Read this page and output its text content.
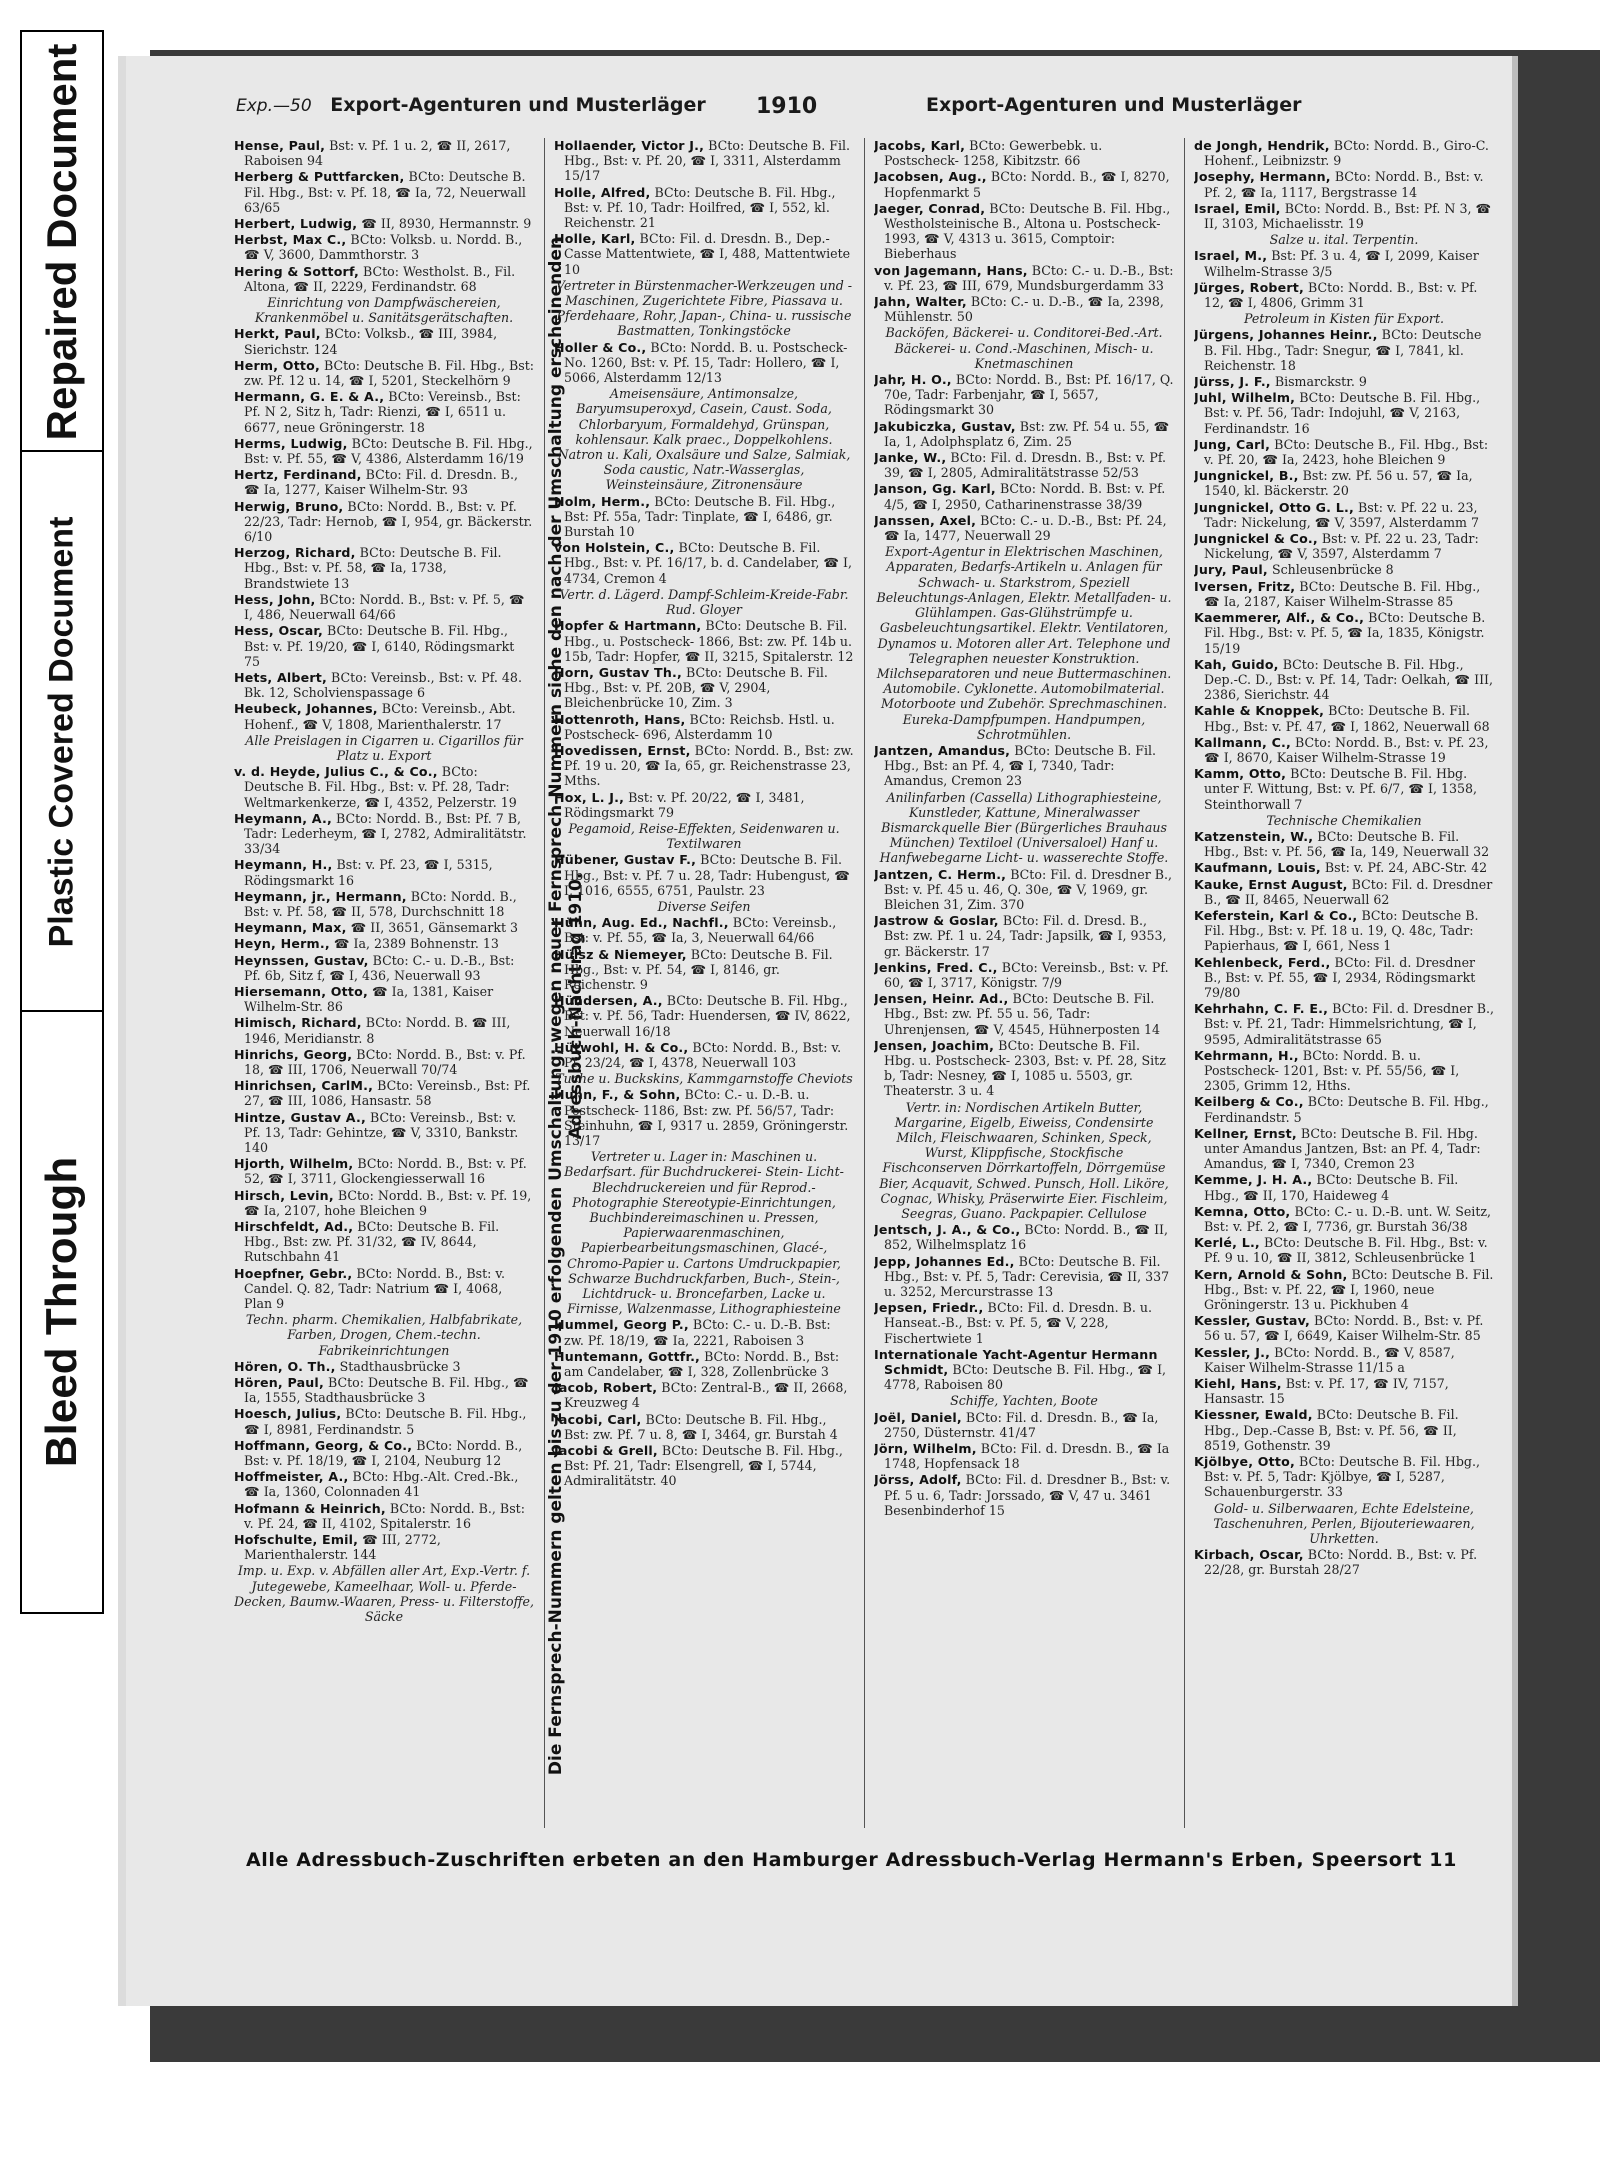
Die Fernsprech-Nummern gelten bis zu der 1910 erfolgenden Umschaltung; wegen neuer Fernsprech-Nummern siehe den nach der Umschaltung erscheinenden Adressbuch-Nachtrag 1910.
Exp.—50 Export-Agenturen und Musterläger 1910	Export-Agenturen und Musterläger
Hense, Paul, Bst: v. Pf. 1 u. 2, ☎ II, 2617, Raboisen 94
Herberg & Puttfarcken, BCto: Deutsche B. Fil. Hbg., Bst: v. Pf. 18, ☎ Ia, 72, Neuerwall 63/65
Herbert, Ludwig, ☎ II, 8930, Hermannstr. 9
Herbst, Max C., BCto: Volksb. u. Nordd. B., ☎ V, 3600, Dammthorstr. 3
Hering & Sottorf, BCto: Westholst. B., Fil. Altona, ☎ II, 2229, Ferdinandstr. 68
Einrichtung von Dampfwäschereien, Krankenmöbel u. Sanitätsgerätschaften.
Herkt, Paul, BCto: Volksb., ☎ III, 3984, Sierichstr. 124
Herm, Otto, BCto: Deutsche B. Fil. Hbg., Bst: zw. Pf. 12 u. 14, ☎ I, 5201, Steckelhörn 9
Hermann, G. E. & A., BCto: Vereinsb., Bst: Pf. N 2, Sitz h, Tadr: Rienzi, ☎ I, 6511 u. 6677, neue Gröningerstr. 18
Herms, Ludwig, BCto: Deutsche B. Fil. Hbg., Bst: v. Pf. 55, ☎ V, 4386, Alsterdamm 16/19
Hertz, Ferdinand, BCto: Fil. d. Dresdn. B., ☎ Ia, 1277, Kaiser Wilhelm-Str. 93
Herwig, Bruno, BCto: Nordd. B., Bst: v. Pf. 22/23, Tadr: Hernob, ☎ I, 954, gr. Bäckerstr. 6/10
Herzog, Richard, BCto: Deutsche B. Fil. Hbg., Bst: v. Pf. 58, ☎ Ia, 1738, Brandstwiete 13
Hess, John, BCto: Nordd. B., Bst: v. Pf. 5, ☎ I, 486, Neuerwall 64/66
Hess, Oscar, BCto: Deutsche B. Fil. Hbg., Bst: v. Pf. 19/20, ☎ I, 6140, Rödingsmarkt 75
Hets, Albert, BCto: Vereinsb., Bst: v. Pf. 48. Bk. 12, Scholvienspassage 6
Heubeck, Johannes, BCto: Vereinsb., Abt. Hohenf., ☎ V, 1808, Marienthalerstr. 17
Alle Preislagen in Cigarren u. Cigarillos für Platz u. Export
v. d. Heyde, Julius C., & Co., BCto: Deutsche B. Fil. Hbg., Bst: v. Pf. 28, Tadr: Weltmarkenkerze, ☎ I, 4352, Pelzerstr. 19
Heymann, A., BCto: Nordd. B., Bst: Pf. 7 B, Tadr: Lederheym, ☎ I, 2782, Admiralitätstr. 33/34
Heymann, H., Bst: v. Pf. 23, ☎ I, 5315, Rödingsmarkt 16
Heymann, jr., Hermann, BCto: Nordd. B., Bst: v. Pf. 58, ☎ II, 578, Durchschnitt 18
Heymann, Max, ☎ II, 3651, Gänsemarkt 3
Heyn, Herm., ☎ Ia, 2389 Bohnenstr. 13
Heynssen, Gustav, BCto: C.- u. D.-B., Bst: Pf. 6b, Sitz f, ☎ I, 436, Neuerwall 93
Hiersemann, Otto, ☎ Ia, 1381, Kaiser Wilhelm-Str. 86
Himisch, Richard, BCto: Nordd. B. ☎ III, 1946, Meridianstr. 8
Hinrichs, Georg, BCto: Nordd. B., Bst: v. Pf. 18, ☎ III, 1706, Neuerwall 70/74
Hinrichsen, CarlM., BCto: Vereinsb., Bst: Pf. 27, ☎ III, 1086, Hansastr. 58
Hintze, Gustav A., BCto: Vereinsb., Bst: v. Pf. 13, Tadr: Gehintze, ☎ V, 3310, Bankstr. 140
Hjorth, Wilhelm, BCto: Nordd. B., Bst: v. Pf. 52, ☎ I, 3711, Glockengiesserwall 16
Hirsch, Levin, BCto: Nordd. B., Bst: v. Pf. 19, ☎ Ia, 2107, hohe Bleichen 9
Hirschfeldt, Ad., BCto: Deutsche B. Fil. Hbg., Bst: zw. Pf. 31/32, ☎ IV, 8644, Rutschbahn 41
Hoepfner, Gebr., BCto: Nordd. B., Bst: v. Candel. Q. 82, Tadr: Natrium ☎ I, 4068, Plan 9
Techn. pharm. Chemikalien, Halbfabrikate, Farben, Drogen, Chem.-techn. Fabrikeinrichtungen
Hören, O. Th., Stadthausbrücke 3
Hören, Paul, BCto: Deutsche B. Fil. Hbg., ☎ Ia, 1555, Stadthausbrücke 3
Hoesch, Julius, BCto: Deutsche B. Fil. Hbg., ☎ I, 8981, Ferdinandstr. 5
Hoffmann, Georg, & Co., BCto: Nordd. B., Bst: v. Pf. 18/19, ☎ I, 2104, Neuburg 12
Hoffmeister, A., BCto: Hbg.-Alt. Cred.-Bk., ☎ Ia, 1360, Colonnaden 41
Hofmann & Heinrich, BCto: Nordd. B., Bst: v. Pf. 24, ☎ II, 4102, Spitalerstr. 16
Hofschulte, Emil, ☎ III, 2772, Marienthalerstr. 144
Imp. u. Exp. v. Abfällen aller Art, Exp.-Vertr. f. Jutegewebe, Kameelhaar, Woll- u. Pferde-Decken, Baumw.-Waaren, Press- u. Filterstoffe, Säcke
Hollaender, Victor J., BCto: Deutsche B. Fil. Hbg., Bst: v. Pf. 20, ☎ I, 3311, Alsterdamm 15/17
Holle, Alfred, BCto: Deutsche B. Fil. Hbg., Bst: v. Pf. 10, Tadr: Hoilfred, ☎ I, 552, kl. Reichenstr. 21
Holle, Karl, BCto: Fil. d. Dresdn. B., Dep.-Casse Mattentwiete, ☎ I, 488, Mattentwiete 10
Vertreter in Bürstenmacher-Werkzeugen und -Maschinen, Zugerichtete Fibre, Piassava u. Pferdehaare, Rohr, Japan-, China- u. russische Bastmatten, Tonkingstöcke
Holler & Co., BCto: Nordd. B. u. Postscheck- No. 1260, Bst: v. Pf. 15, Tadr: Hollero, ☎ I, 5066, Alsterdamm 12/13
Ameisensäure, Antimonsalze, Baryumsuperoxyd, Casein, Caust. Soda, Chlorbaryum, Formaldehyd, Grünspan, kohlensaur. Kalk praec., Doppelkohlens. Natron u. Kali, Oxalsäure und Salze, Salmiak, Soda caustic, Natr.-Wasserglas, Weinsteinsäure, Zitronensäure
Holm, Herm., BCto: Deutsche B. Fil. Hbg., Bst: Pf. 55a, Tadr: Tinplate, ☎ I, 6486, gr. Burstah 10
von Holstein, C., BCto: Deutsche B. Fil. Hbg., Bst: v. Pf. 16/17, b. d. Candelaber, ☎ I, 4734, Cremon 4
Vertr. d. Lägerd. Dampf-Schleim-Kreide-Fabr. Rud. Gloyer
Hopfer & Hartmann, BCto: Deutsche B. Fil. Hbg., u. Postscheck- 1866, Bst: zw. Pf. 14b u. 15b, Tadr: Hopfer, ☎ II, 3215, Spitalerstr. 12
Horn, Gustav Th., BCto: Deutsche B. Fil. Hbg., Bst: v. Pf. 20B, ☎ V, 2904, Bleichenbrücke 10, Zim. 3
Hottenroth, Hans, BCto: Reichsb. Hstl. u. Postscheck- 696, Alsterdamm 10
Hovedissen, Ernst, BCto: Nordd. B., Bst: zw. Pf. 19 u. 20, ☎ Ia, 65, gr. Reichenstrasse 23, Mths.
Hox, L. J., Bst: v. Pf. 20/22, ☎ I, 3481, Rödingsmarkt 79
Pegamoid, Reise-Effekten, Seidenwaren u. Textilwaren
Hübener, Gustav F., BCto: Deutsche B. Fil. Hbg., Bst: v. Pf. 7 u. 28, Tadr: Hubengust, ☎ I, 1016, 6555, 6751, Paulstr. 23
Diverse Seifen
Hühn, Aug. Ed., Nachfl., BCto: Vereinsb., Bst: v. Pf. 55, ☎ Ia, 3, Neuerwall 64/66
Hülsz & Niemeyer, BCto: Deutsche B. Fil. Hbg., Bst: v. Pf. 54, ☎ I, 8146, gr. Reichenstr. 9
Hündersen, A., BCto: Deutsche B. Fil. Hbg., Bst: v. Pf. 56, Tadr: Huendersen, ☎ IV, 8622, Neuerwall 16/18
Hütwohl, H. & Co., BCto: Nordd. B., Bst: v. Pf. 23/24, ☎ I, 4378, Neuerwall 103
Tuche u. Buckskins, Kammgarnstoffe Cheviots
Huhn, F., & Sohn, BCto: C.- u. D.-B. u. Postscheck- 1186, Bst: zw. Pf. 56/57, Tadr: Steinhuhn, ☎ I, 9317 u. 2859, Gröningerstr. 13/17
Vertreter u. Lager in: Maschinen u. Bedarfsart. für Buchdruckerei- Stein- Licht- Blechdruckereien und für Reprod.-Photographie Stereotypie-Einrichtungen, Buchbindereimaschinen u. Pressen, Papierwaarenmaschinen, Papierbearbeitungsmaschinen, Glacé-, Chromo-Papier u. Cartons Umdruckpapier, Schwarze Buchdruckfarben, Buch-, Stein-, Lichtdruck- u. Broncefarben, Lacke u. Firnisse, Walzenmasse, Lithographiesteine
Hummel, Georg P., BCto: C.- u. D.-B. Bst: zw. Pf. 18/19, ☎ Ia, 2221, Raboisen 3
Huntemann, Gottfr., BCto: Nordd. B., Bst: am Candelaber, ☎ I, 328, Zollenbrücke 3
Jacob, Robert, BCto: Zentral-B., ☎ II, 2668, Kreuzweg 4
Jacobi, Carl, BCto: Deutsche B. Fil. Hbg., Bst: zw. Pf. 7 u. 8, ☎ I, 3464, gr. Burstah 4
Jacobi & Grell, BCto: Deutsche B. Fil. Hbg., Bst: Pf. 21, Tadr: Elsengrell, ☎ I, 5744, Admiralitätstr. 40
Jacobs, Karl, BCto: Gewerbebk. u. Postscheck- 1258, Kibitzstr. 66
Jacobsen, Aug., BCto: Nordd. B., ☎ I, 8270, Hopfenmarkt 5
Jaeger, Conrad, BCto: Deutsche B. Fil. Hbg., Westholsteinische B., Altona u. Postscheck- 1993, ☎ V, 4313 u. 3615, Comptoir: Bieberhaus
von Jagemann, Hans, BCto: C.- u. D.-B., Bst: v. Pf. 23, ☎ III, 679, Mundsburgerdamm 33
Jahn, Walter, BCto: C.- u. D.-B., ☎ Ia, 2398, Mühlenstr. 50
Backöfen, Bäckerei- u. Conditorei-Bed.-Art. Bäckerei- u. Cond.-Maschinen, Misch- u. Knetmaschinen
Jahr, H. O., BCto: Nordd. B., Bst: Pf. 16/17, Q. 70e, Tadr: Farbenjahr, ☎ I, 5657, Rödingsmarkt 30
Jakubiczka, Gustav, Bst: zw. Pf. 54 u. 55, ☎ Ia, 1, Adolphsplatz 6, Zim. 25
Janke, W., BCto: Fil. d. Dresdn. B., Bst: v. Pf. 39, ☎ I, 2805, Admiralitätstrasse 52/53
Janson, Gg. Karl, BCto: Nordd. B. Bst: v. Pf. 4/5, ☎ I, 2950, Catharinenstrasse 38/39
Janssen, Axel, BCto: C.- u. D.-B., Bst: Pf. 24, ☎ Ia, 1477, Neuerwall 29
Export-Agentur in Elektrischen Maschinen, Apparaten, Bedarfs-Artikeln u. Anlagen für Schwach- u. Starkstrom, Speziell Beleuchtungs-Anlagen, Elektr. Metallfaden- u. Glühlampen. Gas-Glühstrümpfe u. Gasbeleuchtungsartikel. Elektr. Ventilatoren, Dynamos u. Motoren aller Art. Telephone und Telegraphen neuester Konstruktion. Milchseparatoren und neue Buttermaschinen. Automobile. Cyklonette. Automobilmaterial. Motorboote und Zubehör. Sprechmaschinen. Eureka-Dampfpumpen. Handpumpen, Schrotmühlen.
Jantzen, Amandus, BCto: Deutsche B. Fil. Hbg., Bst: an Pf. 4, ☎ I, 7340, Tadr: Amandus, Cremon 23
Anilinfarben (Cassella) Lithographiesteine, Kunstleder, Kattune, Mineralwasser Bismarckquelle Bier (Bürgerliches Brauhaus München) Textiloel (Universaloel) Hanf u. Hanfwebegarne Licht- u. wasserechte Stoffe.
Jantzen, C. Herm., BCto: Fil. d. Dresdner B., Bst: v. Pf. 45 u. 46, Q. 30e, ☎ V, 1969, gr. Bleichen 31, Zim. 370
Jastrow & Goslar, BCto: Fil. d. Dresd. B., Bst: zw. Pf. 1 u. 24, Tadr: Japsilk, ☎ I, 9353, gr. Bäckerstr. 17
Jenkins, Fred. C., BCto: Vereinsb., Bst: v. Pf. 60, ☎ I, 3717, Königstr. 7/9
Jensen, Heinr. Ad., BCto: Deutsche B. Fil. Hbg., Bst: zw. Pf. 55 u. 56, Tadr: Uhrenjensen, ☎ V, 4545, Hühnerposten 14
Jensen, Joachim, BCto: Deutsche B. Fil. Hbg. u. Postscheck- 2303, Bst: v. Pf. 28, Sitz b, Tadr: Nesney, ☎ I, 1085 u. 5503, gr. Theaterstr. 3 u. 4
Vertr. in: Nordischen Artikeln Butter, Margarine, Eigelb, Eiweiss, Condensirte Milch, Fleischwaaren, Schinken, Speck, Wurst, Klippfische, Stockfische Fischconserven Dörrkartoffeln, Dörrgemüse Bier, Acquavit, Schwed. Punsch, Holl. Liköre, Cognac, Whisky, Präserwirte Eier. Fischleim, Seegras, Guano. Packpapier. Cellulose
Jentsch, J. A., & Co., BCto: Nordd. B., ☎ II, 852, Wilhelmsplatz 16
Jepp, Johannes Ed., BCto: Deutsche B. Fil. Hbg., Bst: v. Pf. 5, Tadr: Cerevisia, ☎ II, 337 u. 3252, Mercurstrasse 13
Jepsen, Friedr., BCto: Fil. d. Dresdn. B. u. Hanseat.-B., Bst: v. Pf. 5, ☎ V, 228, Fischertwiete 1
Internationale Yacht-Agentur Hermann Schmidt, BCto: Deutsche B. Fil. Hbg., ☎ I, 4778, Raboisen 80
Schiffe, Yachten, Boote
Joël, Daniel, BCto: Fil. d. Dresdn. B., ☎ Ia, 2750, Düsternstr. 41/47
Jörn, Wilhelm, BCto: Fil. d. Dresdn. B., ☎ Ia 1748, Hopfensack 18
Jörss, Adolf, BCto: Fil. d. Dresdner B., Bst: v. Pf. 5 u. 6, Tadr: Jorssado, ☎ V, 47 u. 3461 Besenbinderhof 15
de Jongh, Hendrik, BCto: Nordd. B., Giro-C. Hohenf., Leibnizstr. 9
Josephy, Hermann, BCto: Nordd. B., Bst: v. Pf. 2, ☎ Ia, 1117, Bergstrasse 14
Israel, Emil, BCto: Nordd. B., Bst: Pf. N 3, ☎ II, 3103, Michaelisstr. 19
Salze u. ital. Terpentin.
Israel, M., Bst: Pf. 3 u. 4, ☎ I, 2099, Kaiser Wilhelm-Strasse 3/5
Jürges, Robert, BCto: Nordd. B., Bst: v. Pf. 12, ☎ I, 4806, Grimm 31
Petroleum in Kisten für Export.
Jürgens, Johannes Heinr., BCto: Deutsche B. Fil. Hbg., Tadr: Snegur, ☎ I, 7841, kl. Reichenstr. 18
Jürss, J. F., Bismarckstr. 9
Juhl, Wilhelm, BCto: Deutsche B. Fil. Hbg., Bst: v. Pf. 56, Tadr: Indojuhl, ☎ V, 2163, Ferdinandstr. 16
Jung, Carl, BCto: Deutsche B., Fil. Hbg., Bst: v. Pf. 20, ☎ Ia, 2423, hohe Bleichen 9
Jungnickel, B., Bst: zw. Pf. 56 u. 57, ☎ Ia, 1540, kl. Bäckerstr. 20
Jungnickel, Otto G. L., Bst: v. Pf. 22 u. 23, Tadr: Nickelung, ☎ V, 3597, Alsterdamm 7
Jungnickel & Co., Bst: v. Pf. 22 u. 23, Tadr: Nickelung, ☎ V, 3597, Alsterdamm 7
Jury, Paul, Schleusenbrücke 8
Iversen, Fritz, BCto: Deutsche B. Fil. Hbg., ☎ Ia, 2187, Kaiser Wilhelm-Strasse 85
Kaemmerer, Alf., & Co., BCto: Deutsche B. Fil. Hbg., Bst: v. Pf. 5, ☎ Ia, 1835, Königstr. 15/19
Kah, Guido, BCto: Deutsche B. Fil. Hbg., Dep.-C. D., Bst: v. Pf. 14, Tadr: Oelkah, ☎ III, 2386, Sierichstr. 44
Kahle & Knoppek, BCto: Deutsche B. Fil. Hbg., Bst: v. Pf. 47, ☎ I, 1862, Neuerwall 68
Kallmann, C., BCto: Nordd. B., Bst: v. Pf. 23, ☎ I, 8670, Kaiser Wilhelm-Strasse 19
Kamm, Otto, BCto: Deutsche B. Fil. Hbg. unter F. Wittung, Bst: v. Pf. 6/7, ☎ I, 1358, Steinthorwall 7
Technische Chemikalien
Katzenstein, W., BCto: Deutsche B. Fil. Hbg., Bst: v. Pf. 56, ☎ Ia, 149, Neuerwall 32
Kaufmann, Louis, Bst: v. Pf. 24, ABC-Str. 42
Kauke, Ernst August, BCto: Fil. d. Dresdner B., ☎ II, 8465, Neuerwall 62
Keferstein, Karl & Co., BCto: Deutsche B. Fil. Hbg., Bst: v. Pf. 18 u. 19, Q. 48c, Tadr: Papierhaus, ☎ I, 661, Ness 1
Kehlenbeck, Ferd., BCto: Fil. d. Dresdner B., Bst: v. Pf. 55, ☎ I, 2934, Rödingsmarkt 79/80
Kehrhahn, C. F. E., BCto: Fil. d. Dresdner B., Bst: v. Pf. 21, Tadr: Himmelsrichtung, ☎ I, 9595, Admiralitätstrasse 65
Kehrmann, H., BCto: Nordd. B. u. Postscheck- 1201, Bst: v. Pf. 55/56, ☎ I, 2305, Grimm 12, Hths.
Keilberg & Co., BCto: Deutsche B. Fil. Hbg., Ferdinandstr. 5
Kellner, Ernst, BCto: Deutsche B. Fil. Hbg. unter Amandus Jantzen, Bst: an Pf. 4, Tadr: Amandus, ☎ I, 7340, Cremon 23
Kemme, J. H. A., BCto: Deutsche B. Fil. Hbg., ☎ II, 170, Haideweg 4
Kemna, Otto, BCto: C.- u. D.-B. unt. W. Seitz, Bst: v. Pf. 2, ☎ I, 7736, gr. Burstah 36/38
Kerlé, L., BCto: Deutsche B. Fil. Hbg., Bst: v. Pf. 9 u. 10, ☎ II, 3812, Schleusenbrücke 1
Kern, Arnold & Sohn, BCto: Deutsche B. Fil. Hbg., Bst: v. Pf. 22, ☎ I, 1960, neue Gröningerstr. 13 u. Pickhuben 4
Kessler, Gustav, BCto: Nordd. B., Bst: v. Pf. 56 u. 57, ☎ I, 6649, Kaiser Wilhelm-Str. 85
Kessler, J., BCto: Nordd. B., ☎ V, 8587, Kaiser Wilhelm-Strasse 11/15 a
Kiehl, Hans, Bst: v. Pf. 17, ☎ IV, 7157, Hansastr. 15
Kiessner, Ewald, BCto: Deutsche B. Fil. Hbg., Dep.-Casse B, Bst: v. Pf. 56, ☎ II, 8519, Gothenstr. 39
Kjölbye, Otto, BCto: Deutsche B. Fil. Hbg., Bst: v. Pf. 5, Tadr: Kjölbye, ☎ I, 5287, Schauenburgerstr. 33
Gold- u. Silberwaaren, Echte Edelsteine, Taschenuhren, Perlen, Bijouteriewaaren, Uhrketten.
Kirbach, Oscar, BCto: Nordd. B., Bst: v. Pf. 22/28, gr. Burstah 28/27
Alle Adressbuch-Zuschriften erbeten an den Hamburger Adressbuch-Verlag Hermann's Erben, Speersort 11
Repaired Document
Plastic Covered Document
Bleed Through
